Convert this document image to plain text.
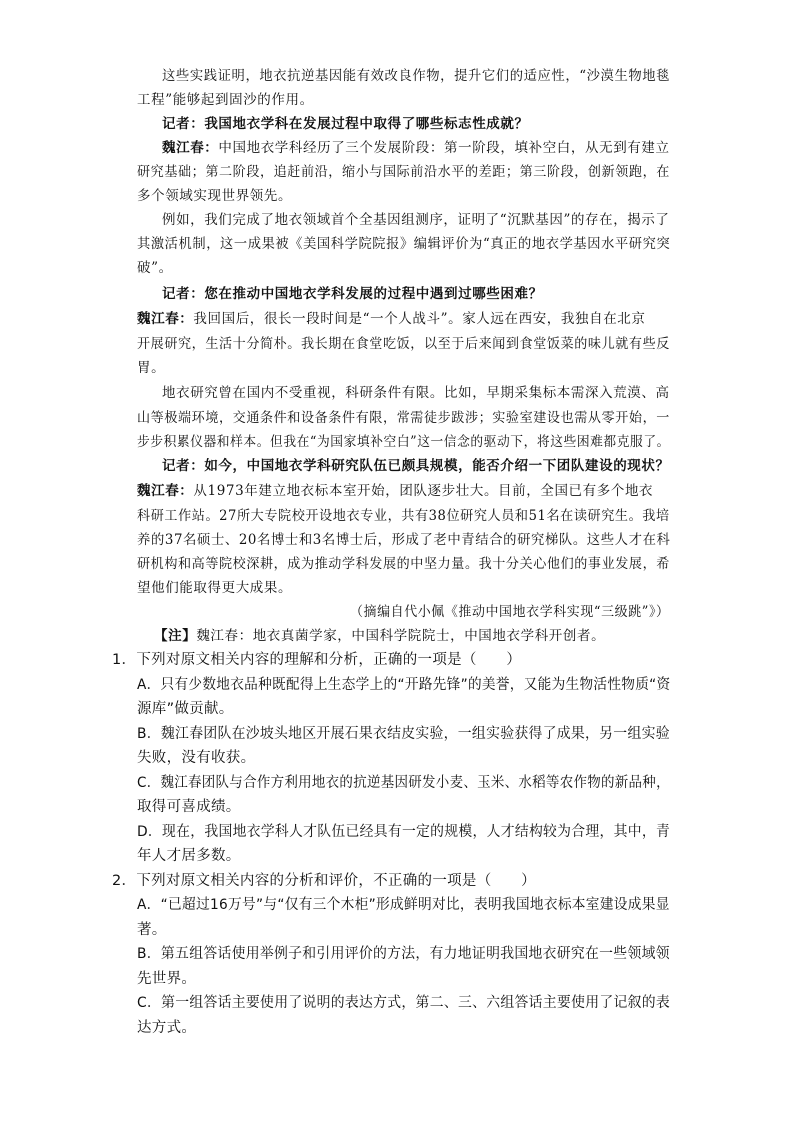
这些实践证明，地衣抗逆基因能有效改良作物，提升它们的适应性，“沙漠生物地毯
工程”能够起到固沙的作用。
记者：我国地衣学科在发展过程中取得了哪些标志性成就？
魏江春：中国地衣学科经历了三个发展阶段：第一阶段，填补空白，从无到有建立
研究基础；第二阶段，追赶前沿，缩小与国际前沿水平的差距；第三阶段，创新领跑，在
多个领域实现世界领先。
例如，我们完成了地衣领域首个全基因组测序，证明了“沉默基因”的存在，揭示了
其激活机制，这一成果被《美国科学院院报》编辑评价为“真正的地衣学基因水平研究突
破”。
记者：您在推动中国地衣学科发展的过程中遇到过哪些困难？
魏江春：我回国后，很长一段时间是“一个人战斗”。家人远在西安，我独自在北京
开展研究，生活十分简朴。我长期在食堂吃饭，以至于后来闻到食堂饭菜的味儿就有些反
胃。
地衣研究曾在国内不受重视，科研条件有限。比如，早期采集标本需深入荒漠、高
山等极端环境，交通条件和设备条件有限，常需徒步跋涉；实验室建设也需从零开始，一
步步积累仪器和样本。但我在“为国家填补空白”这一信念的驱动下，将这些困难都克服了。
记者：如今，中国地衣学科研究队伍已颇具规模，能否介绍一下团队建设的现状？
魏江春：从1973年建立地衣标本室开始，团队逐步壮大。目前，全国已有多个地衣
科研工作站。27所大专院校开设地衣专业，共有38位研究人员和51名在读研究生。我培
养的37名硕士、20名博士和3名博士后，形成了老中青结合的研究梯队。这些人才在科
研机构和高等院校深耕，成为推动学科发展的中坚力量。我十分关心他们的事业发展，希
望他们能取得更大成果。
（摘编自代小佩《推动中国地衣学科实现“三级跳”》）
【注】魏江春：地衣真菌学家，中国科学院院士，中国地衣学科开创者。
1．下列对原文相关内容的理解和分析，正确的一项是（　　）
A．只有少数地衣品种既配得上生态学上的“开路先锋”的美誉，又能为生物活性物质“资
源库”做贡献。
B．魏江春团队在沙坡头地区开展石果衣结皮实验，一组实验获得了成果，另一组实验
失败，没有收获。
C．魏江春团队与合作方利用地衣的抗逆基因研发小麦、玉米、水稻等农作物的新品种，
取得可喜成绩。
D．现在，我国地衣学科人才队伍已经具有一定的规模，人才结构较为合理，其中，青
年人才居多数。
2．下列对原文相关内容的分析和评价，不正确的一项是（　　）
A．“已超过16万号”与“仅有三个木柜”形成鲜明对比，表明我国地衣标本室建设成果显
著。
B．第五组答话使用举例子和引用评价的方法，有力地证明我国地衣研究在一些领域领
先世界。
C．第一组答话主要使用了说明的表达方式，第二、三、六组答话主要使用了记叙的表
达方式。
